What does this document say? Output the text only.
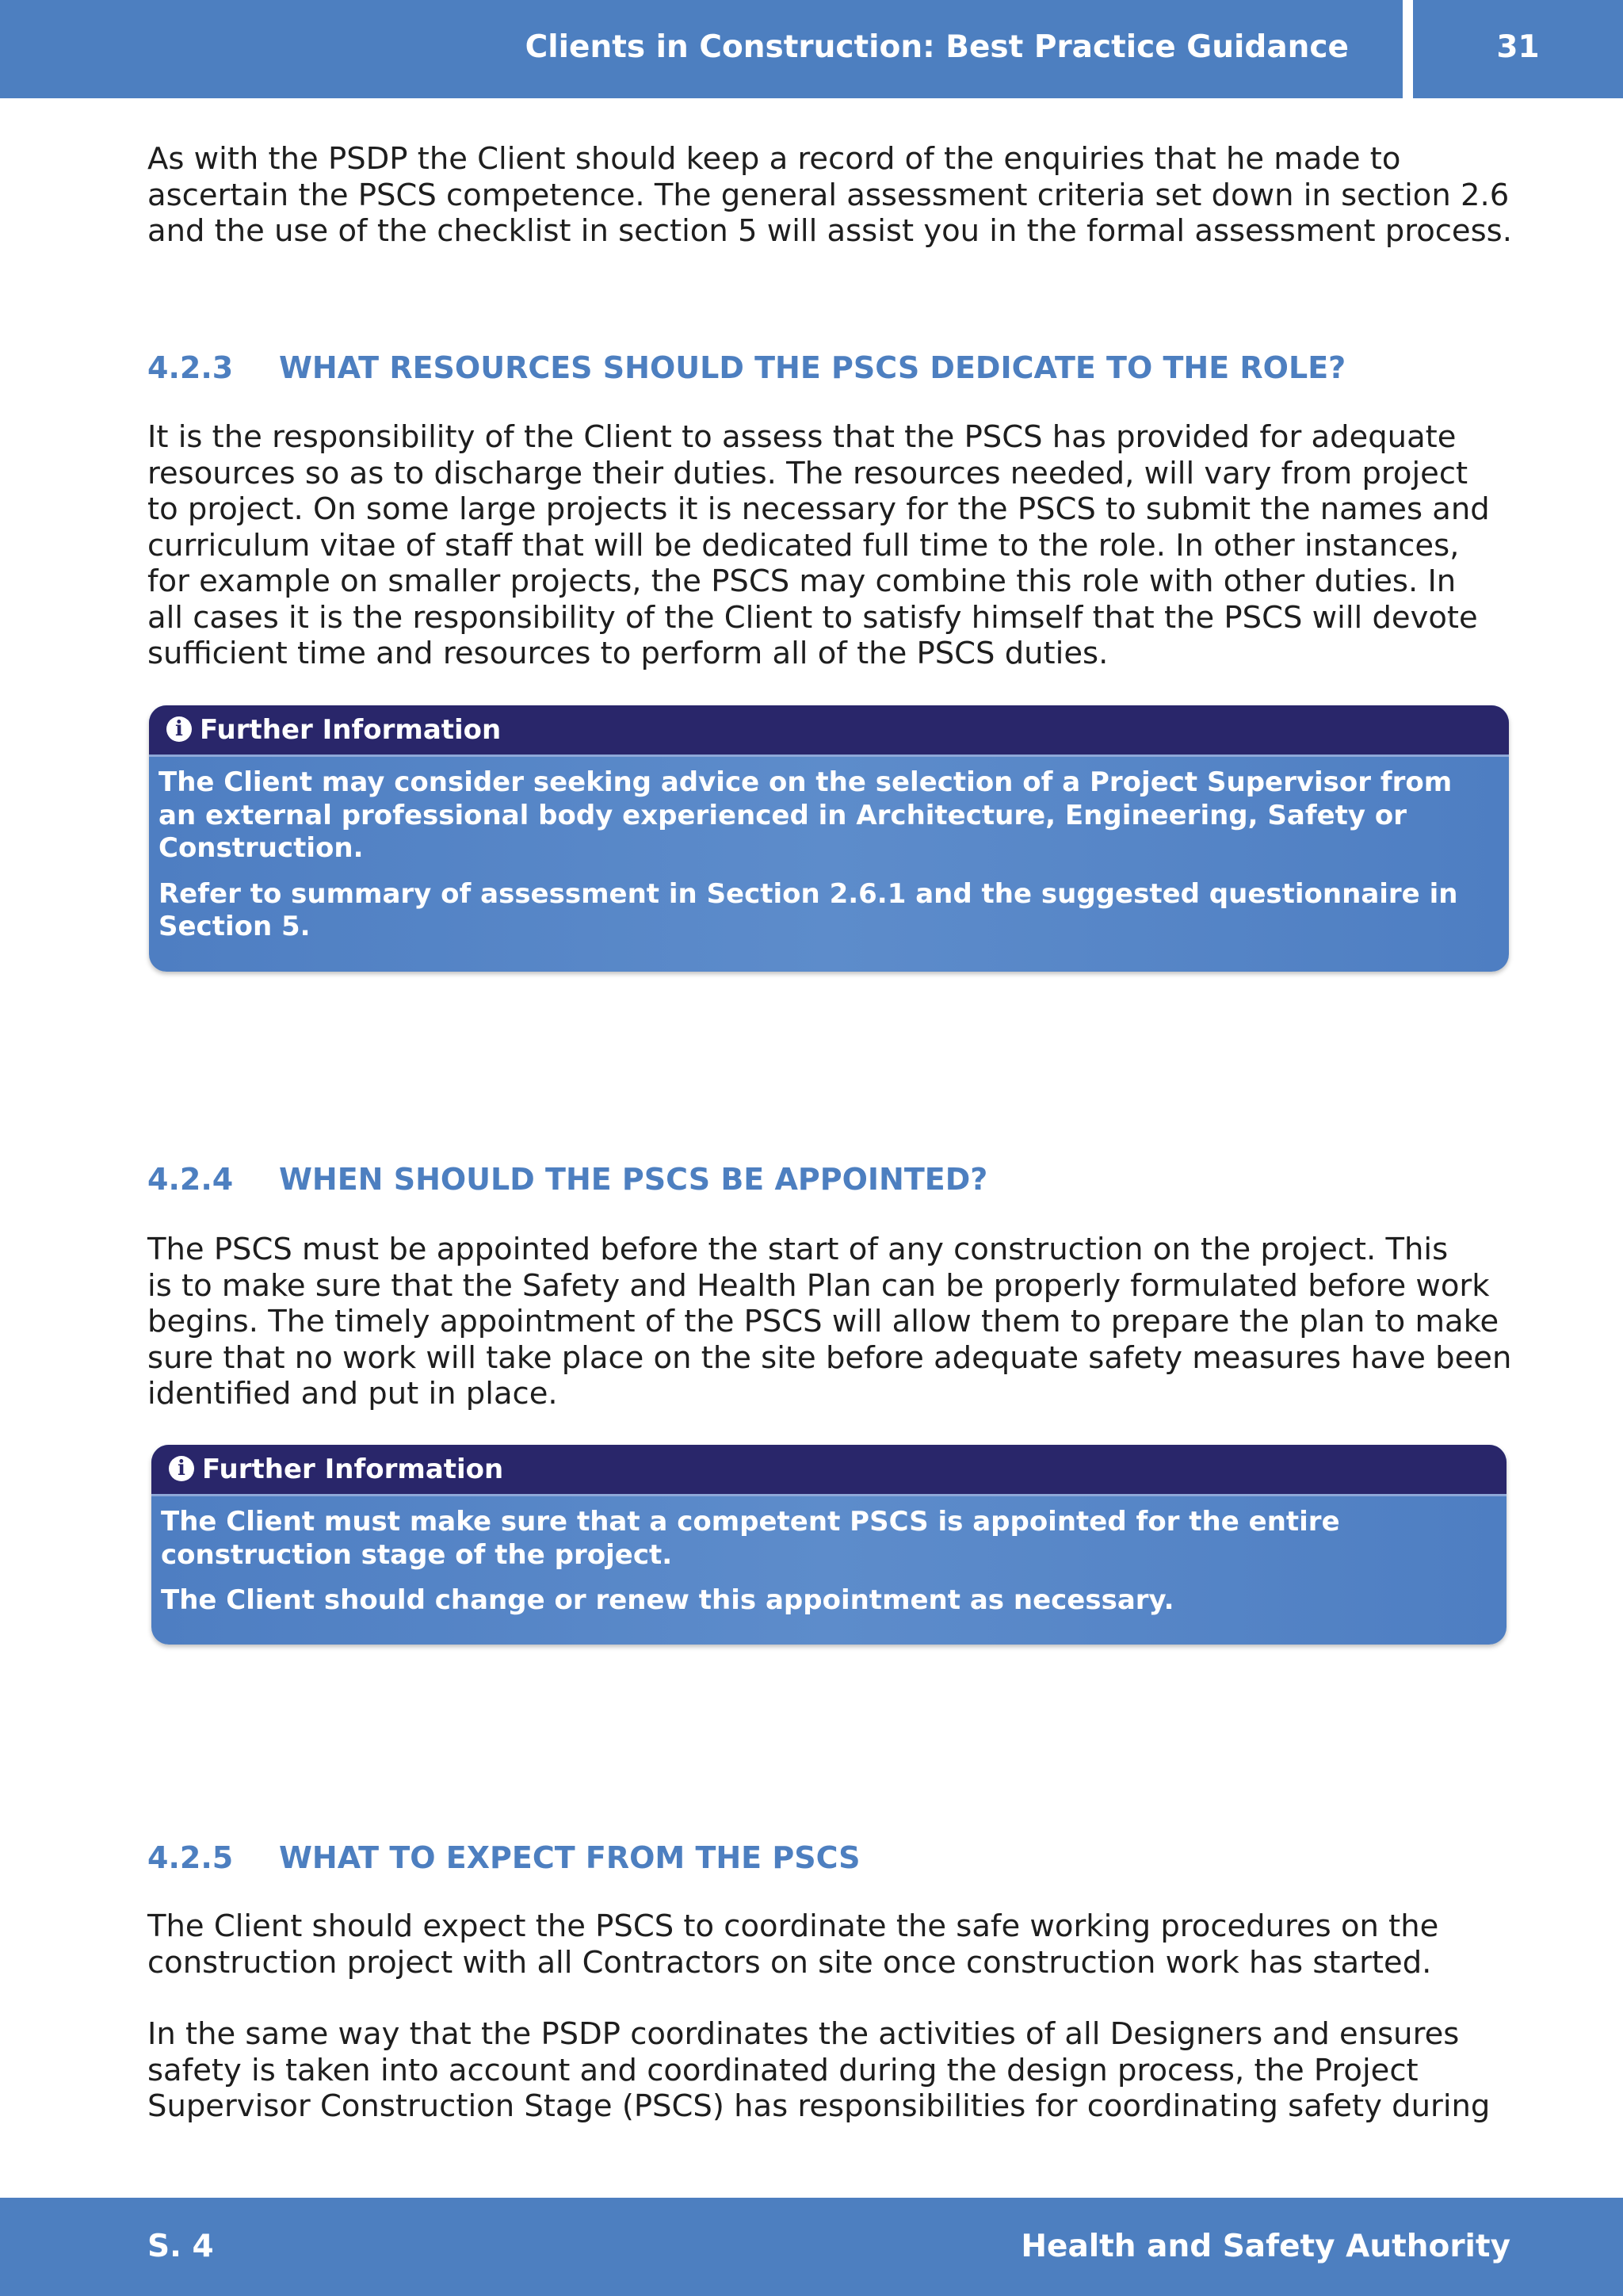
Clients in Construction: Best Practice Guidance	31

As with the PSDP the Client should keep a record of the enquiries that he made to
ascertain the PSCS competence. The general assessment criteria set down in section 2.6
and the use of the checklist in section 5 will assist you in the formal assessment process.

4.2.3 WHAT RESOURCES SHOULD THE PSCS DEDICATE TO THE ROLE?

It is the responsibility of the Client to assess that the PSCS has provided for adequate
resources so as to discharge their duties. The resources needed, will vary from project
to project. On some large projects it is necessary for the PSCS to submit the names and
curriculum vitae of staff that will be dedicated full time to the role. In other instances,
for example on smaller projects, the PSCS may combine this role with other duties. In
all cases it is the responsibility of the Client to satisfy himself that the PSCS will devote
sufficient time and resources to perform all of the PSCS duties.

i Further Information
The Client may consider seeking advice on the selection of a Project Supervisor from
an external professional body experienced in Architecture, Engineering, Safety or
Construction.
Refer to summary of assessment in Section 2.6.1 and the suggested questionnaire in
Section 5.
4.2.4 WHEN SHOULD THE PSCS BE APPOINTED?

The PSCS must be appointed before the start of any construction on the project. This
is to make sure that the Safety and Health Plan can be properly formulated before work
begins. The timely appointment of the PSCS will allow them to prepare the plan to make
sure that no work will take place on the site before adequate safety measures have been
identified and put in place.

i Further Information
The Client must make sure that a competent PSCS is appointed for the entire
construction stage of the project.
The Client should change or renew this appointment as necessary.
4.2.5 WHAT TO EXPECT FROM THE PSCS

The Client should expect the PSCS to coordinate the safe working procedures on the
construction project with all Contractors on site once construction work has started.

In the same way that the PSDP coordinates the activities of all Designers and ensures
safety is taken into account and coordinated during the design process, the Project
Supervisor Construction Stage (PSCS) has responsibilities for coordinating safety during

S. 4	Health and Safety Authority
